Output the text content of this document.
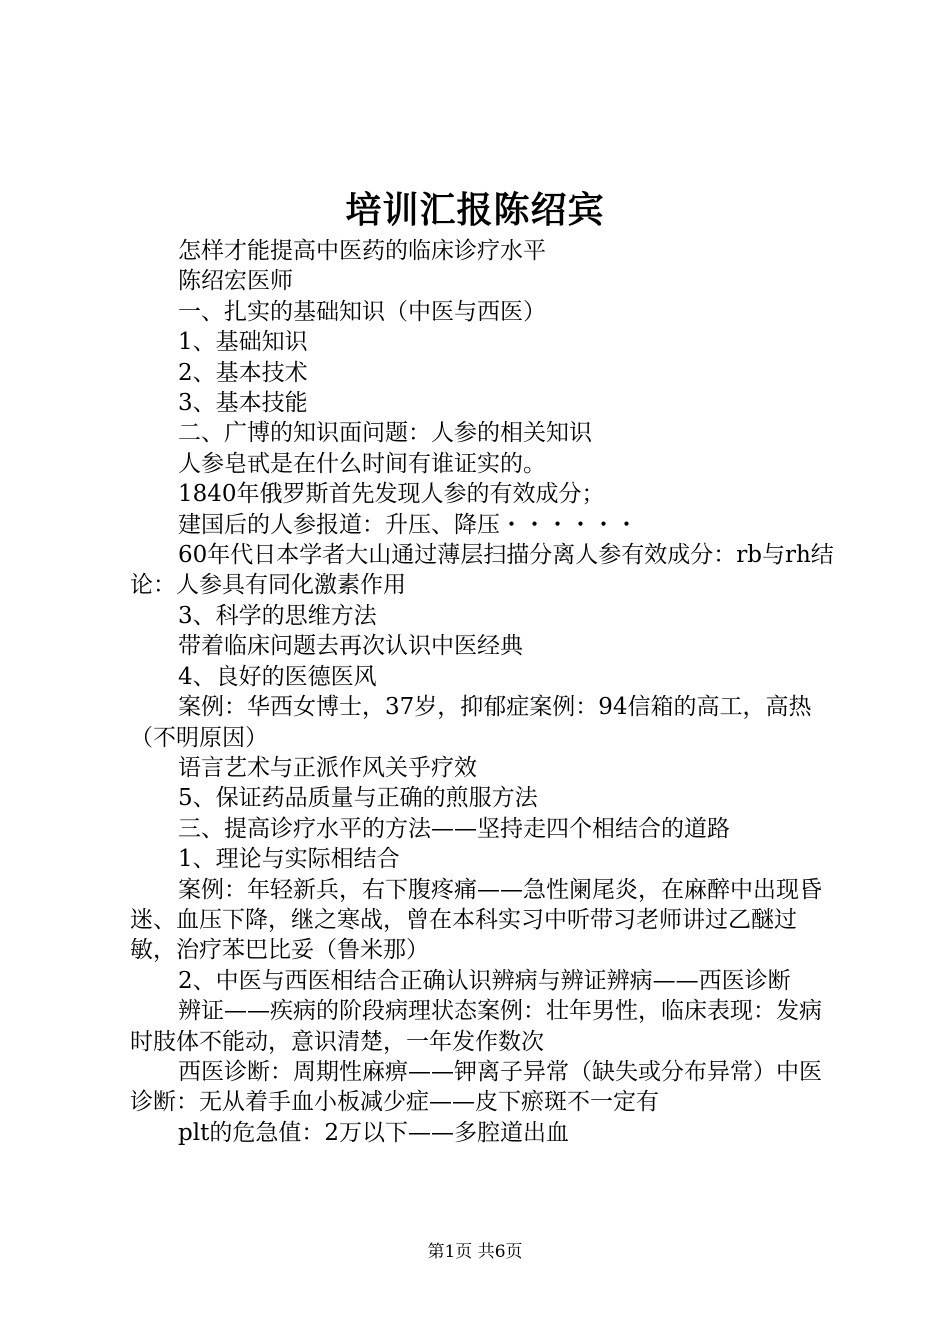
培训汇报陈绍宾

怎样才能提高中医药的临床诊疗水平

陈绍宏医师

一、扎实的基础知识（中医与西医）

1、基础知识

2、基本技术

3、基本技能

二、广博的知识面问题：人参的相关知识

人参皂甙是在什么时间有谁证实的。

1840年俄罗斯首先发现人参的有效成分；

建国后的人参报道：升压、降压・・・・・・

60年代日本学者大山通过薄层扫描分离人参有效成分：rb与rh结论：人参具有同化激素作用

3、科学的思维方法

带着临床问题去再次认识中医经典

4、良好的医德医风

案例：华西女博士，37岁，抑郁症案例：94信箱的高工，高热（不明原因）

语言艺术与正派作风关乎疗效

5、保证药品质量与正确的煎服方法

三、提高诊疗水平的方法——坚持走四个相结合的道路

1、理论与实际相结合

案例：年轻新兵，右下腹疼痛——急性阑尾炎，在麻醉中出现昏迷、血压下降，继之寒战，曾在本科实习中听带习老师讲过乙醚过敏，治疗苯巴比妥（鲁米那）

2、中医与西医相结合正确认识辨病与辨证辨病——西医诊断

辨证——疾病的阶段病理状态案例：壮年男性，临床表现：发病时肢体不能动，意识清楚，一年发作数次

西医诊断：周期性麻痹——钾离子异常（缺失或分布异常）中医诊断：无从着手血小板减少症——皮下瘀斑不一定有

plt的危急值：2万以下——多腔道出血

第1页 共6页
